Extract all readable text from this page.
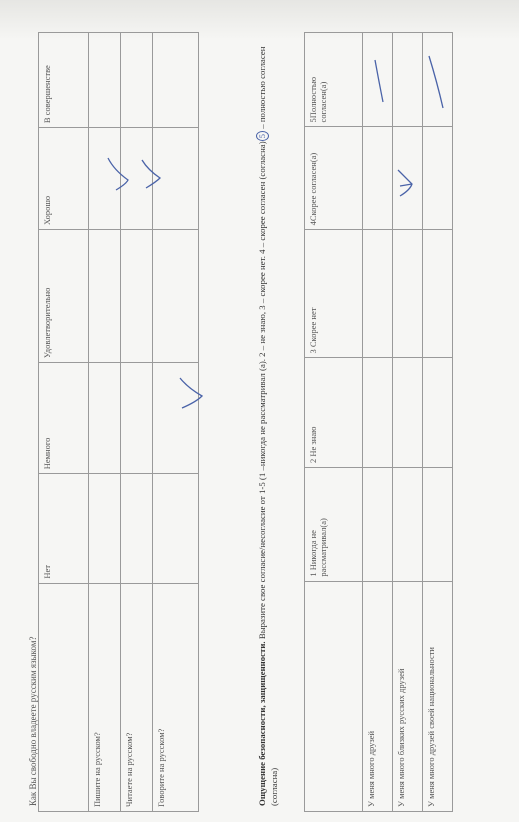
Как Вы свободно владеете русским языком?
	Нет	Немного	Удовлетворительно	Хорошо	В совершенстве
Пишите на русском?					
Читаете на русском?					
Говорите на русском?						Ощущение безопасности, защищенности. Выразите свое согласие/несогласие от 1-5 (1 –никогда не рассматривал (а). 2 – не знаю, 3 – скорее нет. 4 – скорее согласен (согласна)5 – полностью согласен (согласна)
	1 Никогда не рассматривал(а)	2 Не знаю	3 Скорее нет	4Скорее согласен(а)	5Полностью согласен(а)
У меня много друзей					
У меня много близких русских друзей					
У меня много друзей своей национальности					
